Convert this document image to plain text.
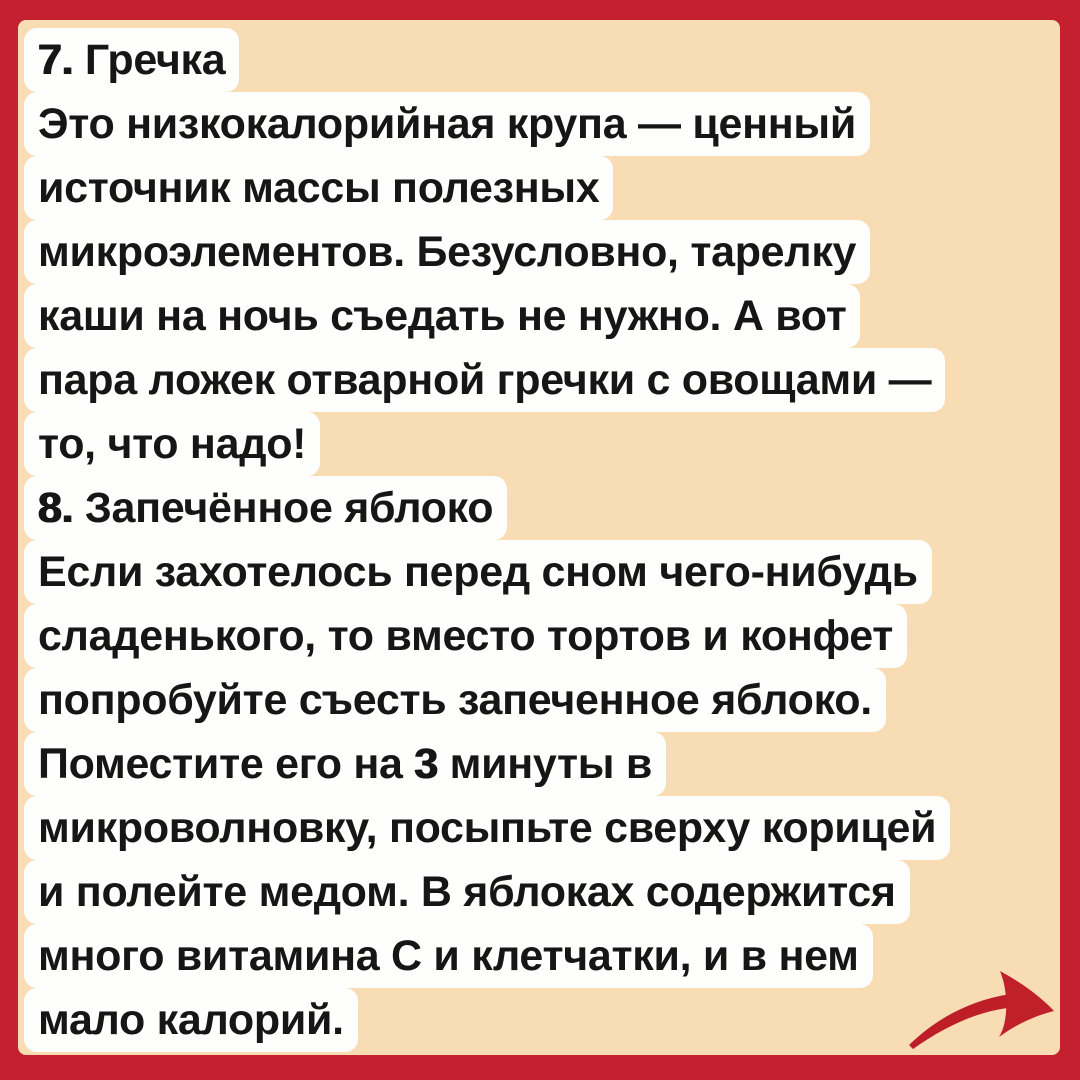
7. Гречка
Это низкокалорийная крупа — ценный
источник массы полезных
микроэлементов. Безусловно, тарелку
каши на ночь съедать не нужно. А вот
пара ложек отварной гречки с овощами —
то, что надо!
8. Запечённое яблоко
Если захотелось перед сном чего-нибудь
сладенького, то вместо тортов и конфет
попробуйте съесть запеченное яблоко.
Поместите его на 3 минуты в
микроволновку, посыпьте сверху корицей
и полейте медом. В яблоках содержится
много витамина С и клетчатки, и в нем
мало калорий.
